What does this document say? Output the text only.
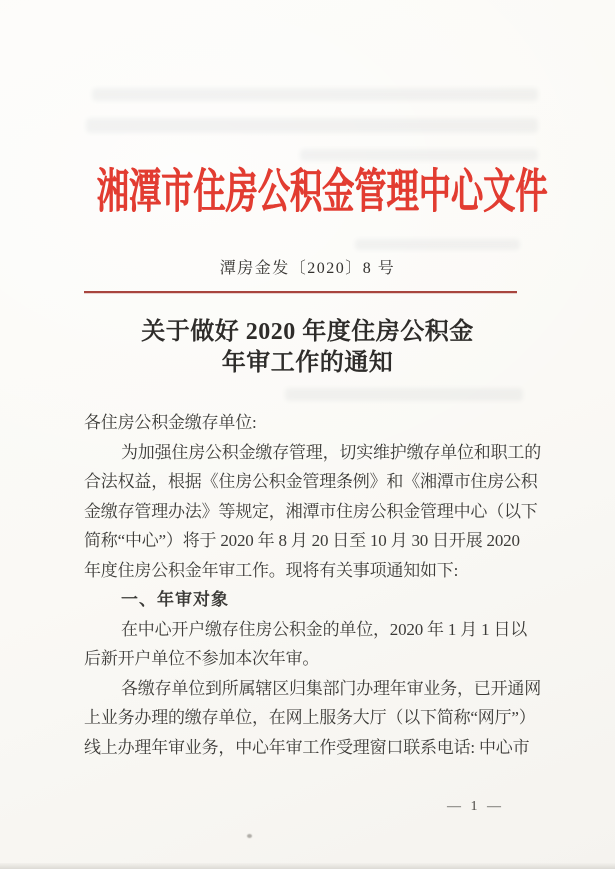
湘潭市住房公积金管理中心文件
潭房金发〔2020〕8 号
关于做好 2020 年度住房公积金
年审工作的通知
各住房公积金缴存单位:
为加强住房公积金缴存管理，切实维护缴存单位和职工的
合法权益，根据《住房公积金管理条例》和《湘潭市住房公积
金缴存管理办法》等规定，湘潭市住房公积金管理中心（以下
简称“中心”）将于 2020 年 8 月 20 日至 10 月 30 日开展 2020
年度住房公积金年审工作。现将有关事项通知如下:
一、年审对象
在中心开户缴存住房公积金的单位，2020 年 1 月 1 日以
后新开户单位不参加本次年审。
各缴存单位到所属辖区归集部门办理年审业务，已开通网
上业务办理的缴存单位，在网上服务大厅（以下简称“网厅”）
线上办理年审业务，中心年审工作受理窗口联系电话: 中心市
— 1 —
